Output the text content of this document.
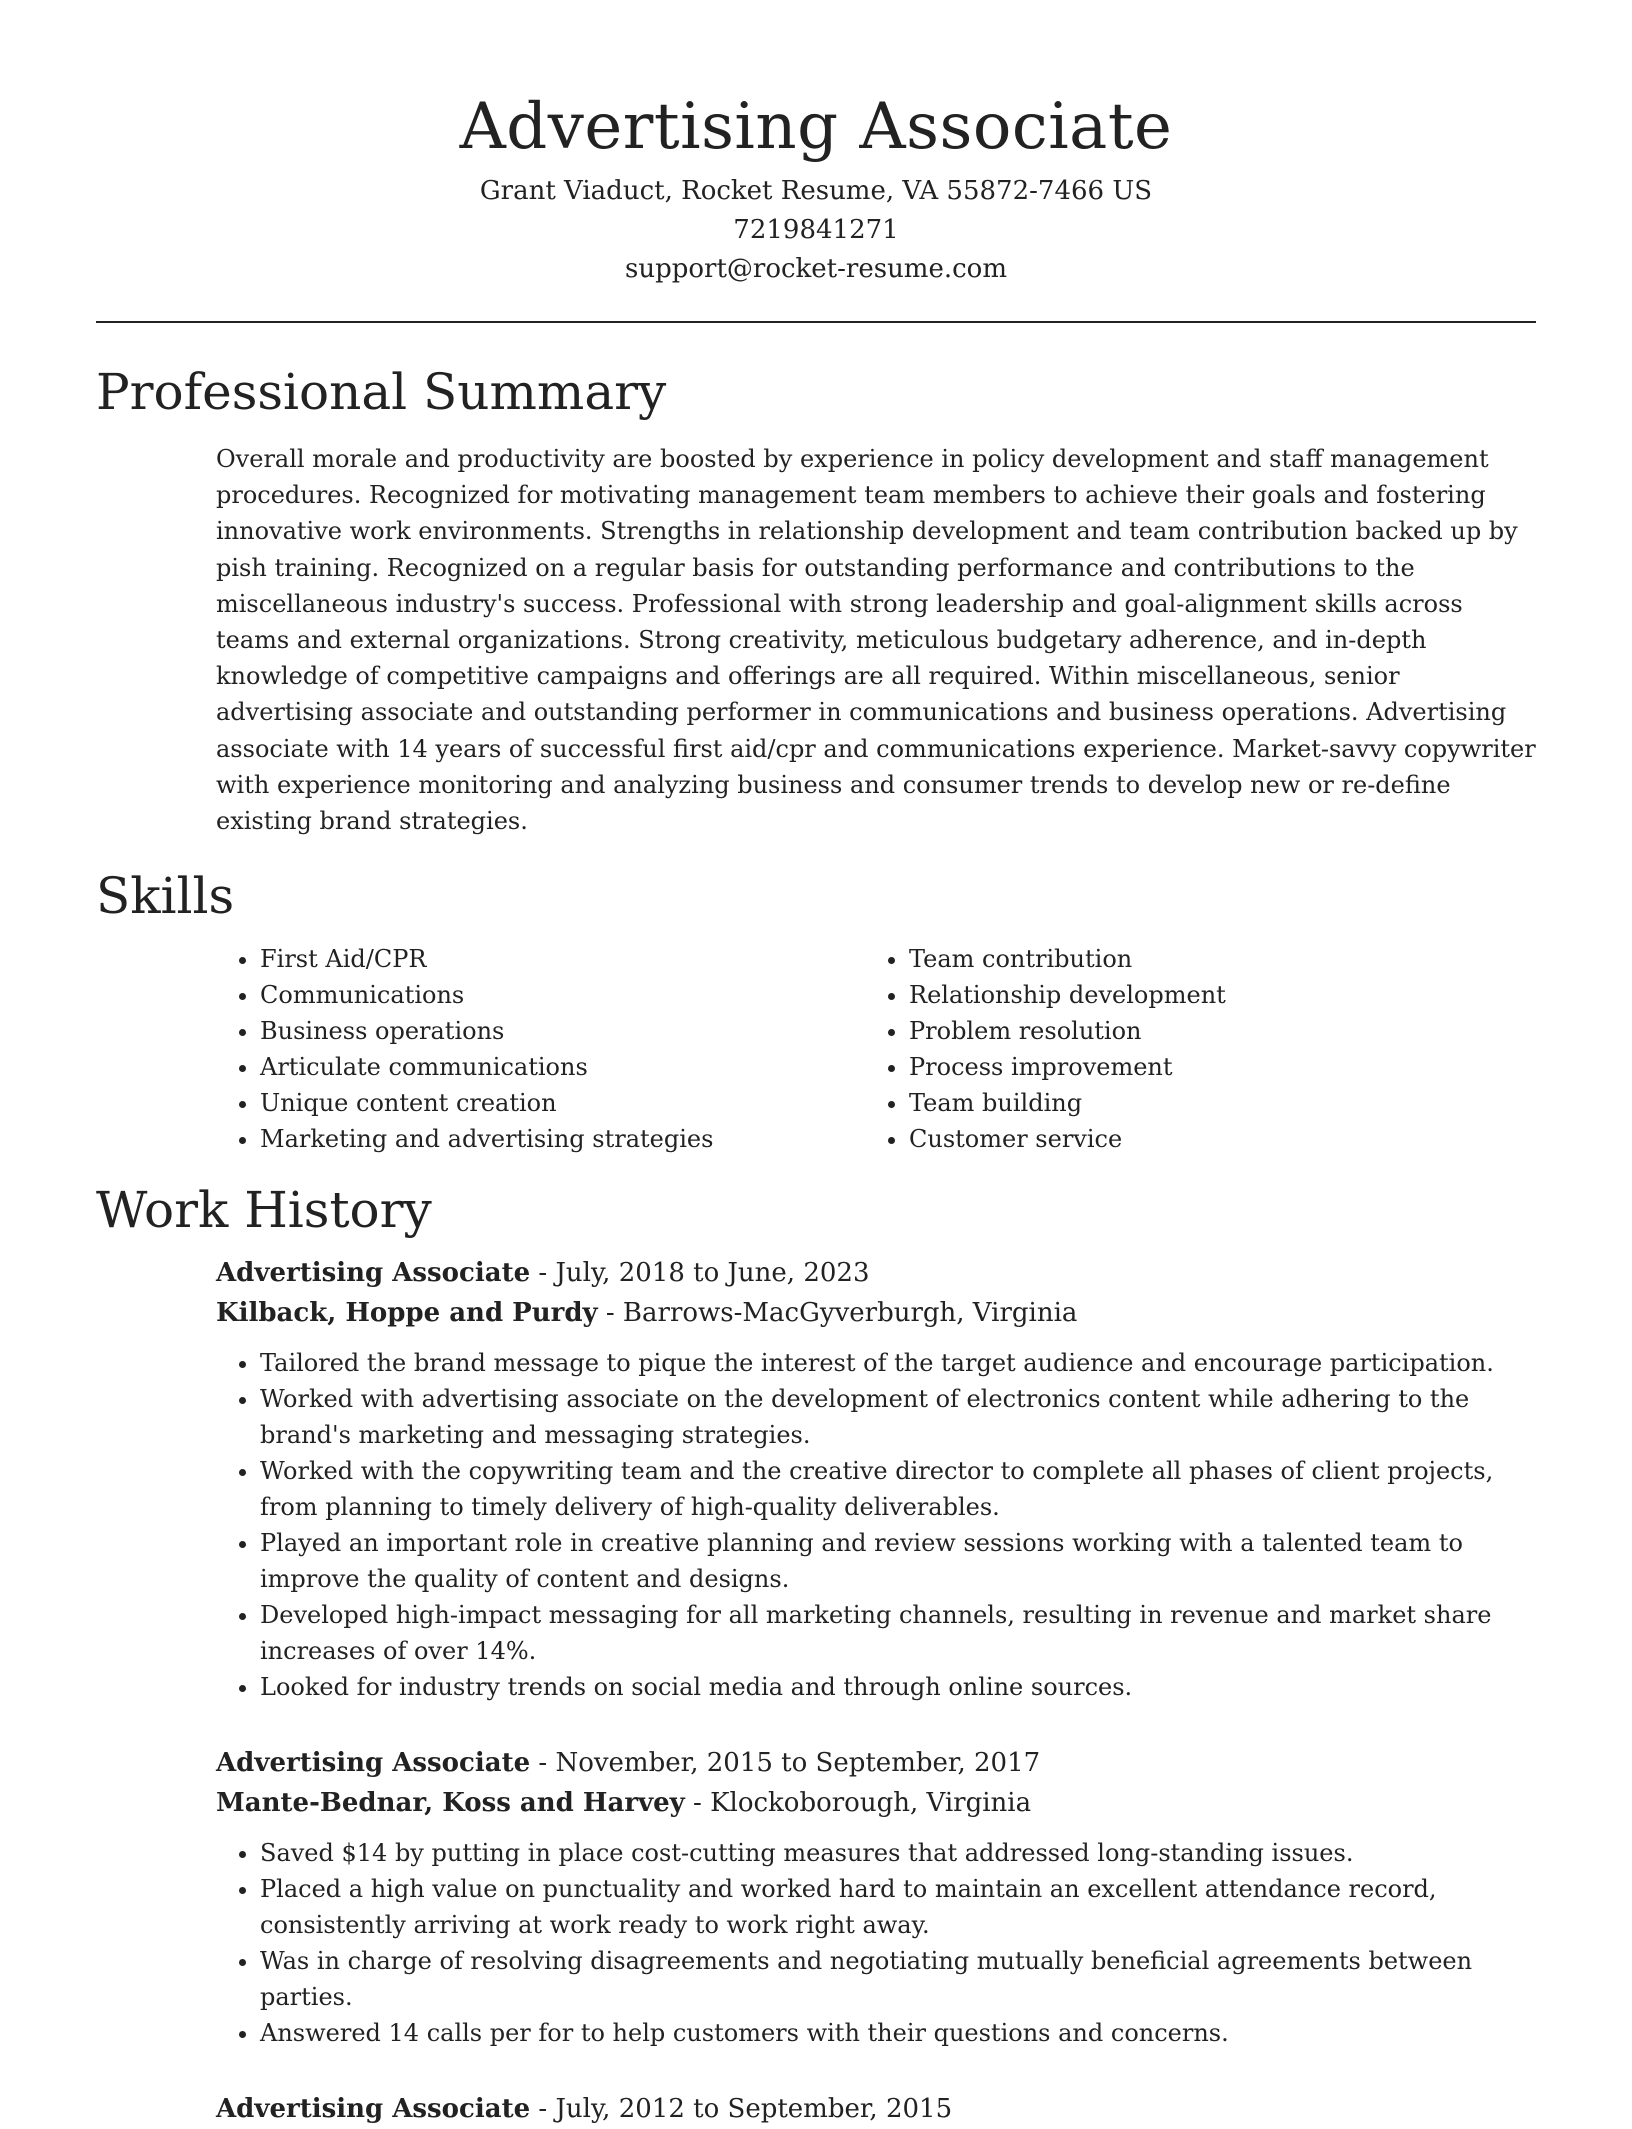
Advertising Associate
Grant Viaduct, Rocket Resume, VA 55872-7466 US
7219841271
support@rocket-resume.com
Professional Summary

Overall morale and productivity are boosted by experience in policy development and staff management procedures. Recognized for motivating management team members to achieve their goals and fostering innovative work environments. Strengths in relationship development and team contribution backed up by pish training. Recognized on a regular basis for outstanding performance and contributions to the miscellaneous industry's success. Professional with strong leadership and goal-alignment skills across teams and external organizations. Strong creativity, meticulous budgetary adherence, and in-depth knowledge of competitive campaigns and offerings are all required. Within miscellaneous, senior advertising associate and outstanding performer in communications and business operations. Advertising associate with 14 years of successful first aid/cpr and communications experience. Market-savvy copywriter with experience monitoring and analyzing business and consumer trends to develop new or re-define existing brand strategies.

Skills
• First Aid/CPR
• Communications
• Business operations
• Articulate communications
• Unique content creation
• Marketing and advertising strategies
• Team contribution
• Relationship development
• Problem resolution
• Process improvement
• Team building
• Customer service
Work History
Advertising Associate - July, 2018 to June, 2023
Kilback, Hoppe and Purdy - Barrows-MacGyverburgh, Virginia
• Tailored the brand message to pique the interest of the target audience and encourage participation.
• Worked with advertising associate on the development of electronics content while adhering to the brand's marketing and messaging strategies.
• Worked with the copywriting team and the creative director to complete all phases of client projects, from planning to timely delivery of high-quality deliverables.
• Played an important role in creative planning and review sessions working with a talented team to improve the quality of content and designs.
• Developed high-impact messaging for all marketing channels, resulting in revenue and market share increases of over 14%.
• Looked for industry trends on social media and through online sources.
Advertising Associate - November, 2015 to September, 2017
Mante-Bednar, Koss and Harvey - Klockoborough, Virginia
• Saved $14 by putting in place cost-cutting measures that addressed long-standing issues.
• Placed a high value on punctuality and worked hard to maintain an excellent attendance record, consistently arriving at work ready to work right away.
• Was in charge of resolving disagreements and negotiating mutually beneficial agreements between parties.
• Answered 14 calls per for to help customers with their questions and concerns.
Advertising Associate - July, 2012 to September, 2015
